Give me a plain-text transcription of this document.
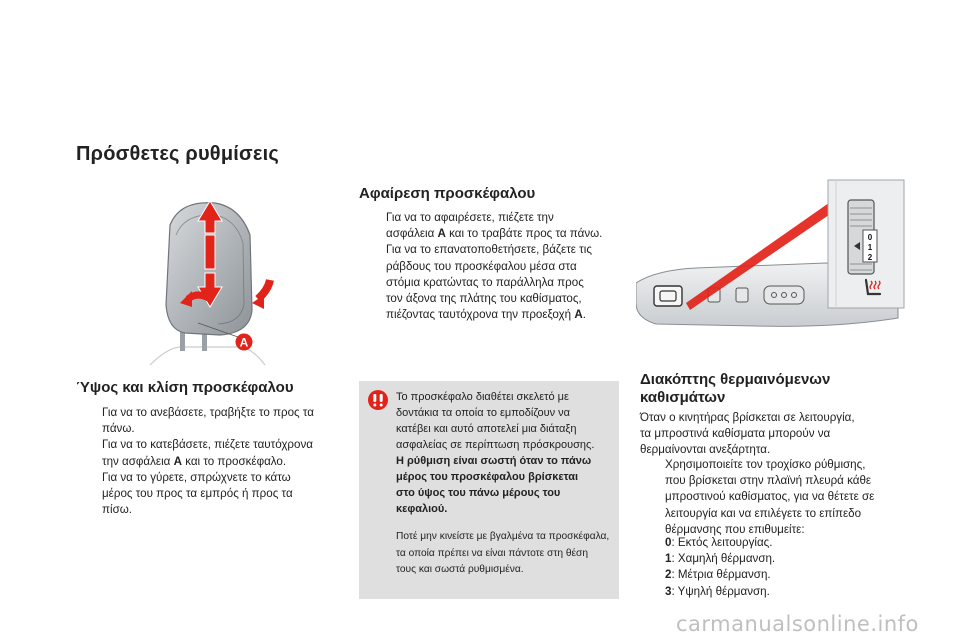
Πρόσθετες ρυθμίσεις
A
Ύψος και κλίση προσκέφαλου
Για να το ανεβάσετε, τραβήξτε το προς τα
πάνω.
Για να το κατεβάσετε, πιέζετε ταυτόχρονα
την ασφάλεια A και το προσκέφαλο.
Για να το γύρετε, σπρώχνετε το κάτω
μέρος του προς τα εμπρός ή προς τα
πίσω.
Αφαίρεση προσκέφαλου
Για να το αφαιρέσετε, πιέζετε την
ασφάλεια A και το τραβάτε προς τα πάνω.
Για να το επανατοποθετήσετε, βάζετε τις
ράβδους του προσκέφαλου μέσα στα
στόμια κρατώντας το παράλληλα προς
τον άξονα της πλάτης του καθίσματος,
πιέζοντας ταυτόχρονα την προεξοχή A.
Το προσκέφαλο διαθέτει σκελετό με
δοντάκια τα οποία το εμποδίζουν να
κατέβει και αυτό αποτελεί μια διάταξη
ασφαλείας σε περίπτωση πρόσκρουσης.
Η ρύθμιση είναι σωστή όταν το πάνω
μέρος του προσκέφαλου βρίσκεται
στο ύψος του πάνω μέρους του
κεφαλιού.
Ποτέ μην κινείστε με βγαλμένα τα προσκέφαλα,
τα οποία πρέπει να είναι πάντοτε στη θέση
τους και σωστά ρυθμισμένα.
0
1
2
Διακόπτης θερμαινόμενων
καθισμάτων
Όταν ο κινητήρας βρίσκεται σε λειτουργία,
τα μπροστινά καθίσματα μπορούν να
θερμαίνονται ανεξάρτητα.
Χρησιμοποιείτε τον τροχίσκο ρύθμισης,
που βρίσκεται στην πλαϊνή πλευρά κάθε
μπροστινού καθίσματος, για να θέτετε σε
λειτουργία και να επιλέγετε το επίπεδο
θέρμανσης που επιθυμείτε:
0: Εκτός λειτουργίας.
1: Χαμηλή θέρμανση.
2: Μέτρια θέρμανση.
3: Υψηλή θέρμανση.
carmanualsonline.info
